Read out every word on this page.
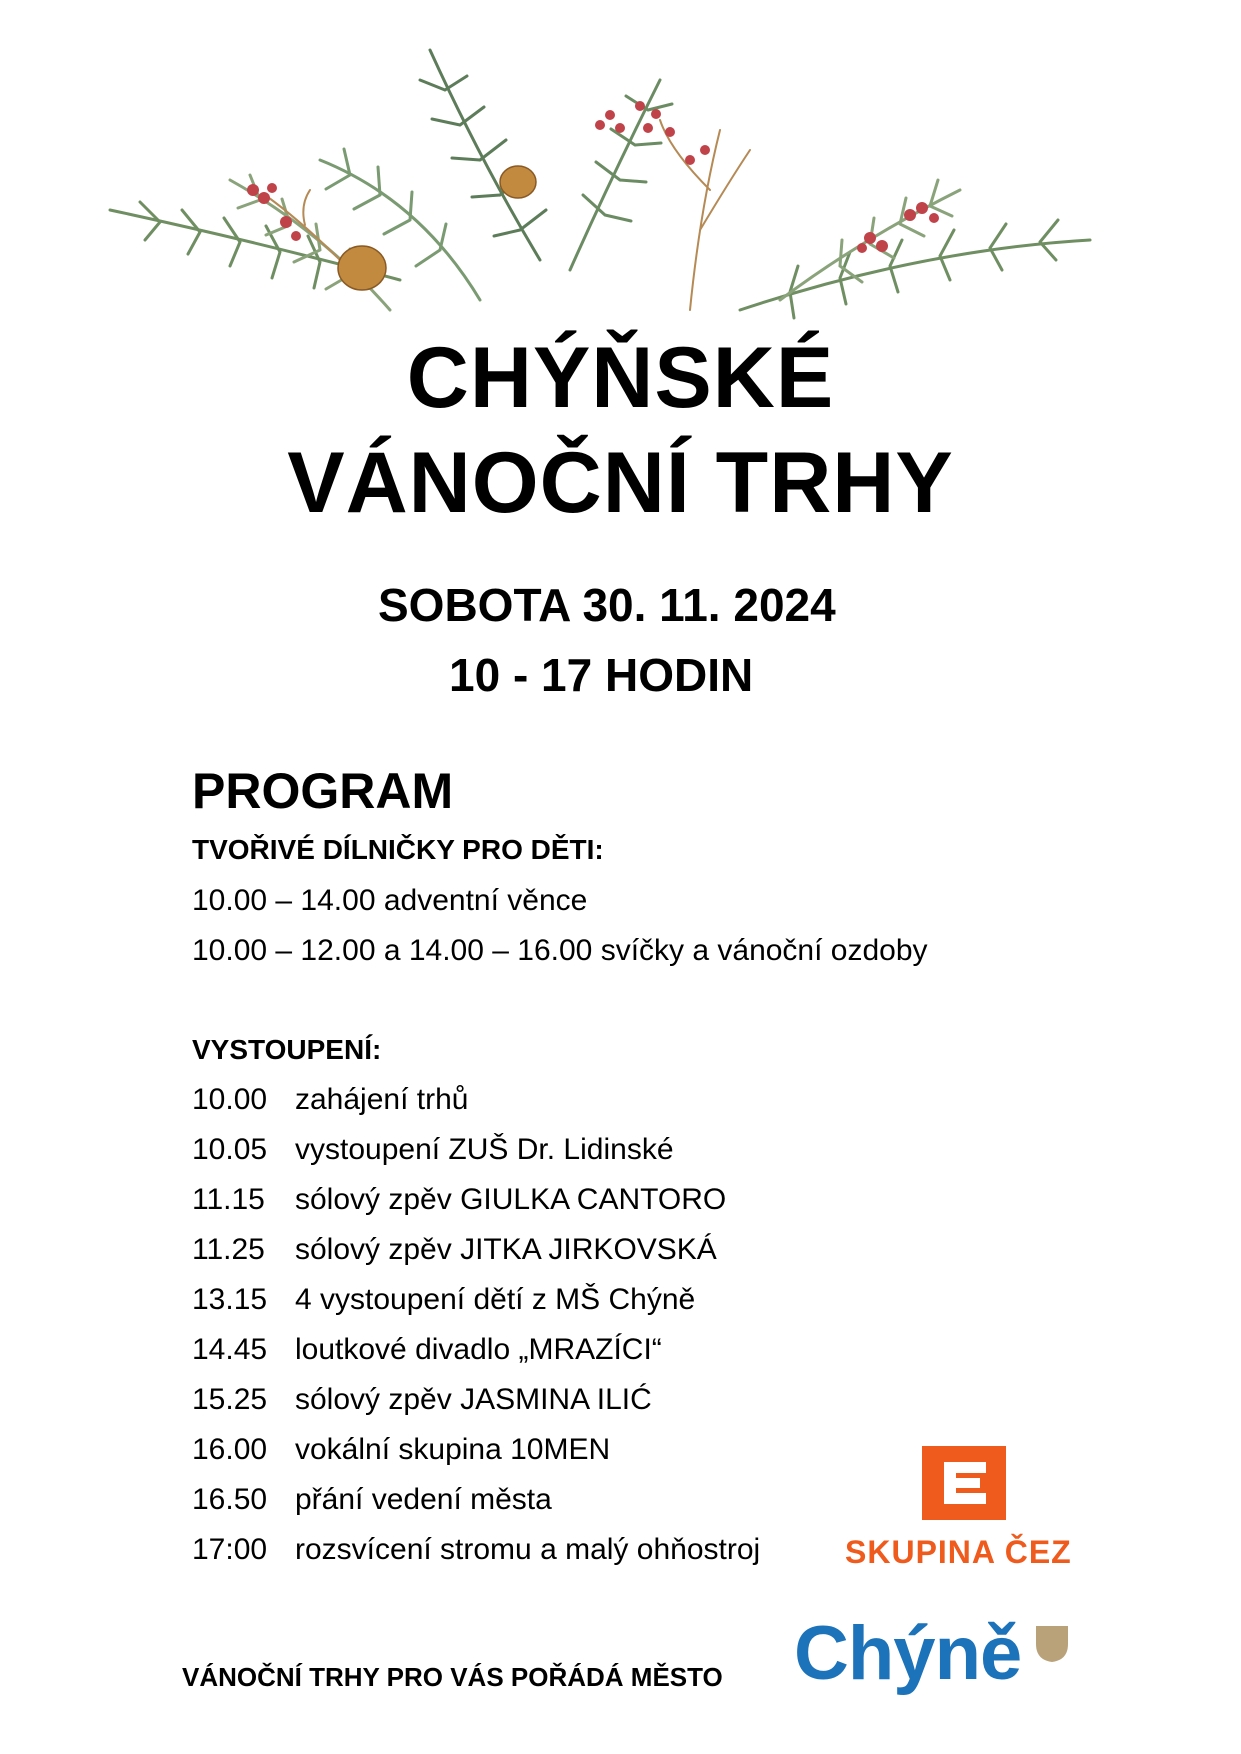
CHÝŇSKÉ
VÁNOČNÍ TRHY
SOBOTA 30. 11. 2024
10 - 17 HODIN
PROGRAM
TVOŘIVÉ DÍLNIČKY PRO DĚTI:
10.00 – 14.00 adventní věnce
10.00 – 12.00 a 14.00 – 16.00 svíčky a vánoční ozdoby
VYSTOUPENÍ:
10.00 zahájení trhů
10.05 vystoupení ZUŠ Dr. Lidinské
11.15 sólový zpěv GIULKA CANTORO
11.25 sólový zpěv JITKA JIRKOVSKÁ
13.15 4 vystoupení dětí z MŠ Chýně
14.45 loutkové divadlo „MRAZÍCI“
15.25 sólový zpěv JASMINA ILIĆ
16.00 vokální skupina 10MEN
16.50 přání vedení města
17:00 rozsvícení stromu a malý ohňostroj	SKUPINA ČEZ
VÁNOČNÍ TRHY PRO VÁS POŘÁDÁ MĚSTO Chýně
